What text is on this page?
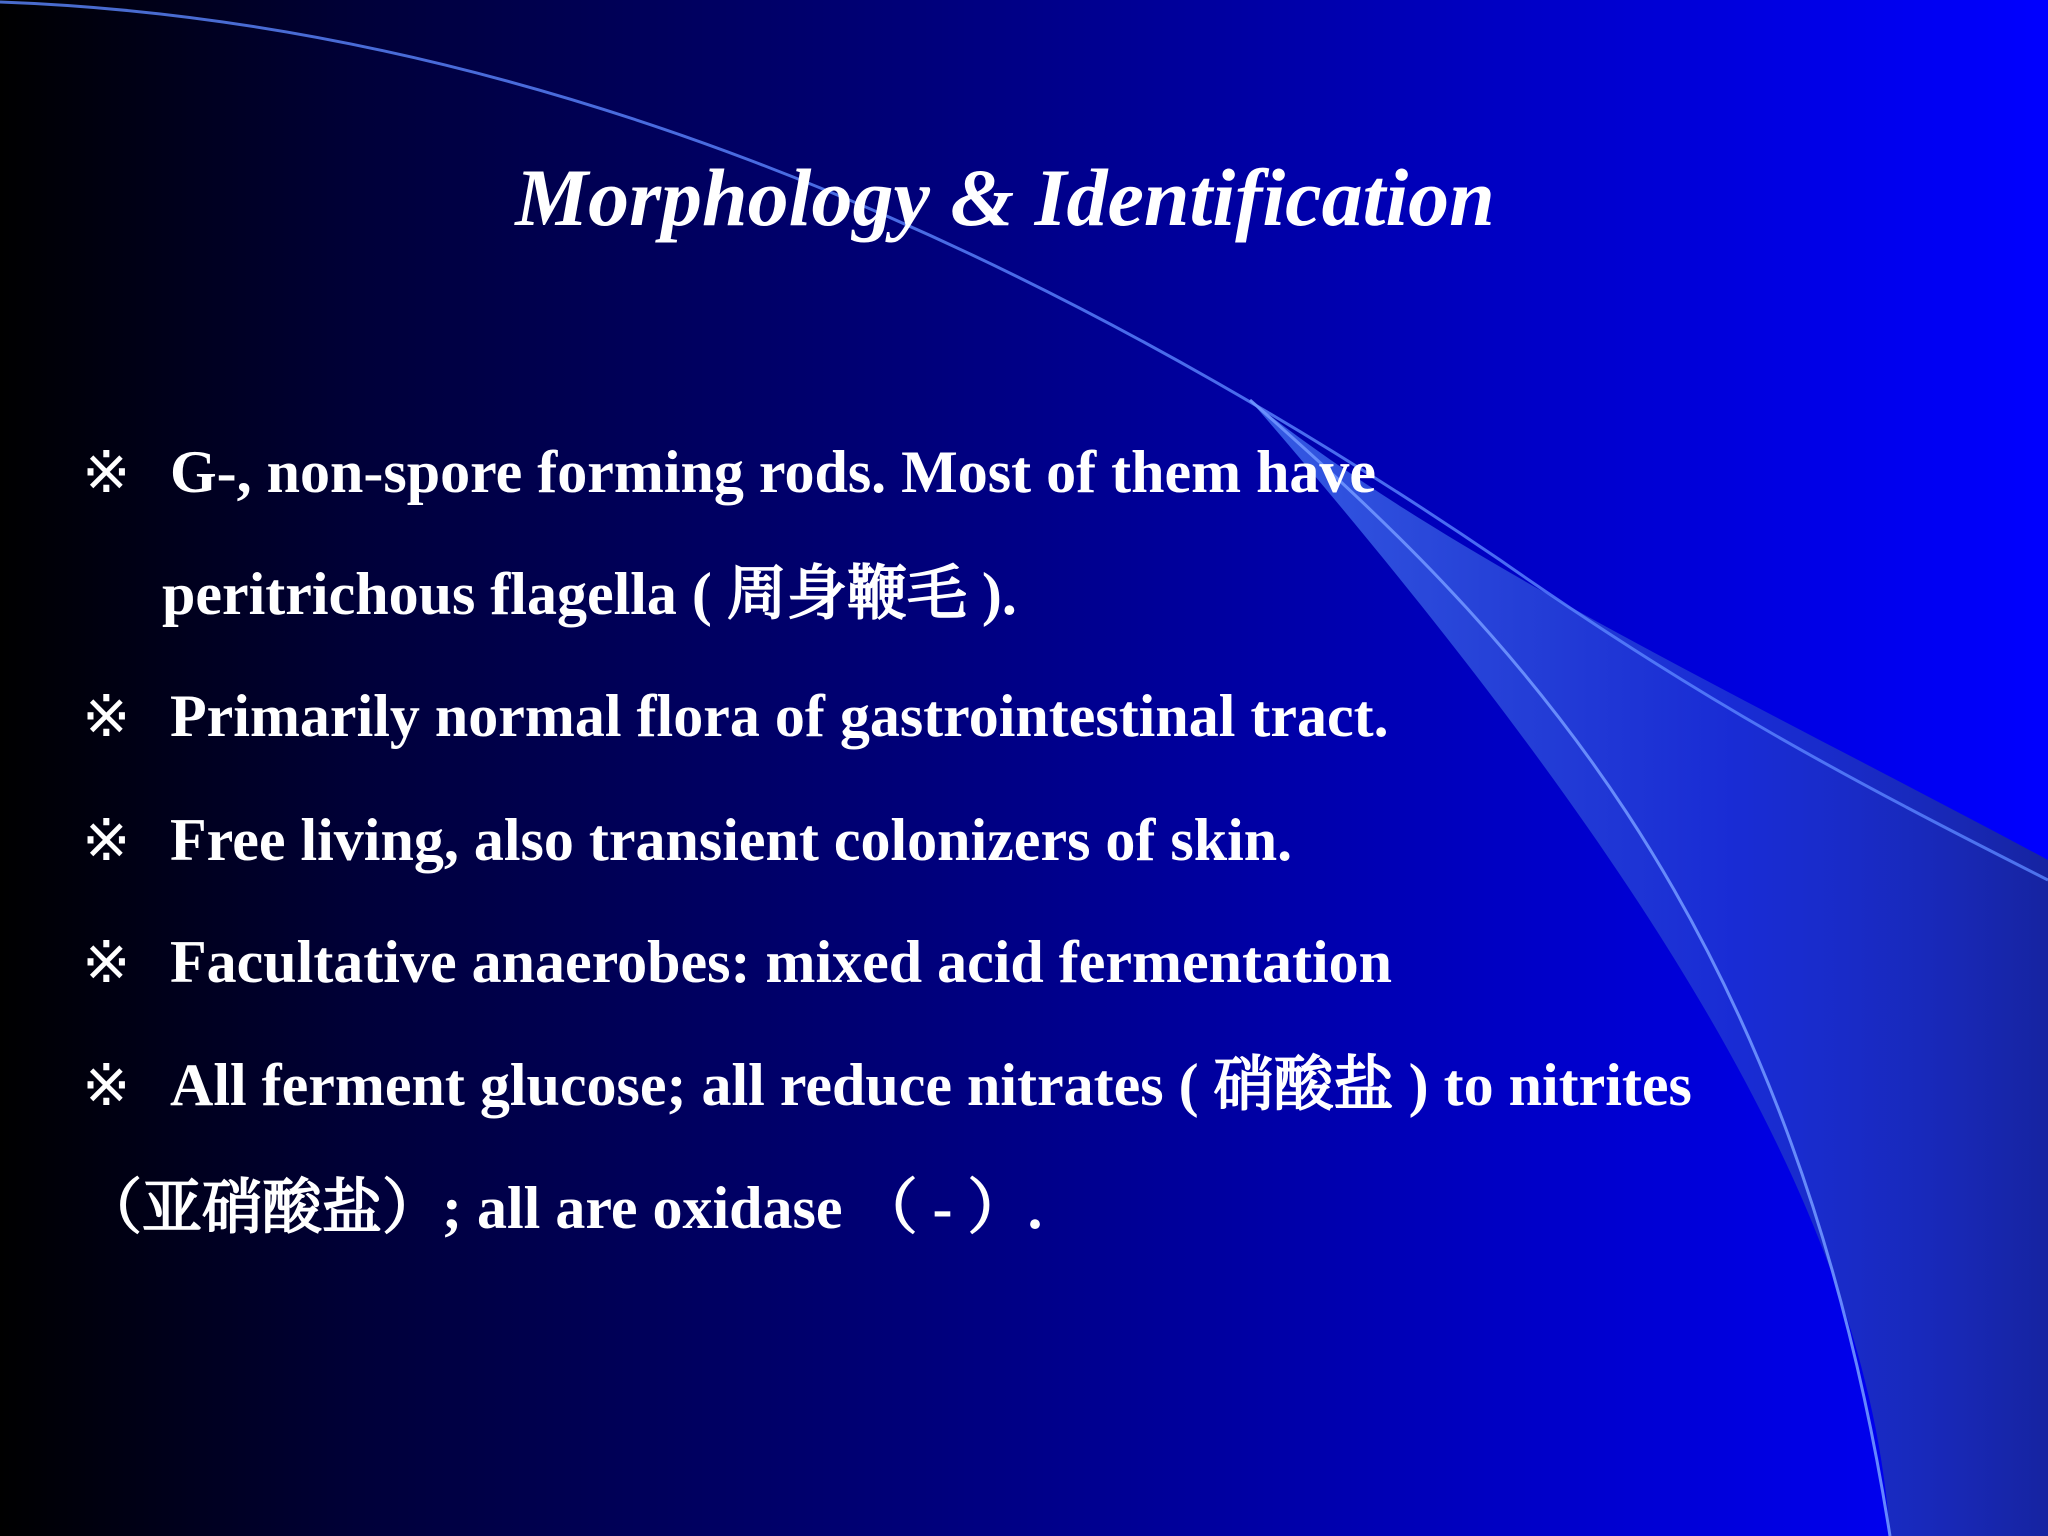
Morphology & Identification
※ G-, non-spore forming rods. Most of them have
peritrichous flagella ( 周身鞭毛 ).
※ Primarily normal flora of gastrointestinal tract.
※ Free living, also transient colonizers of skin.
※ Facultative anaerobes: mixed acid fermentation
※ All ferment glucose; all reduce nitrates ( 硝酸盐 ) to nitrites
（亚硝酸盐）; all are oxidase （ - ）.
